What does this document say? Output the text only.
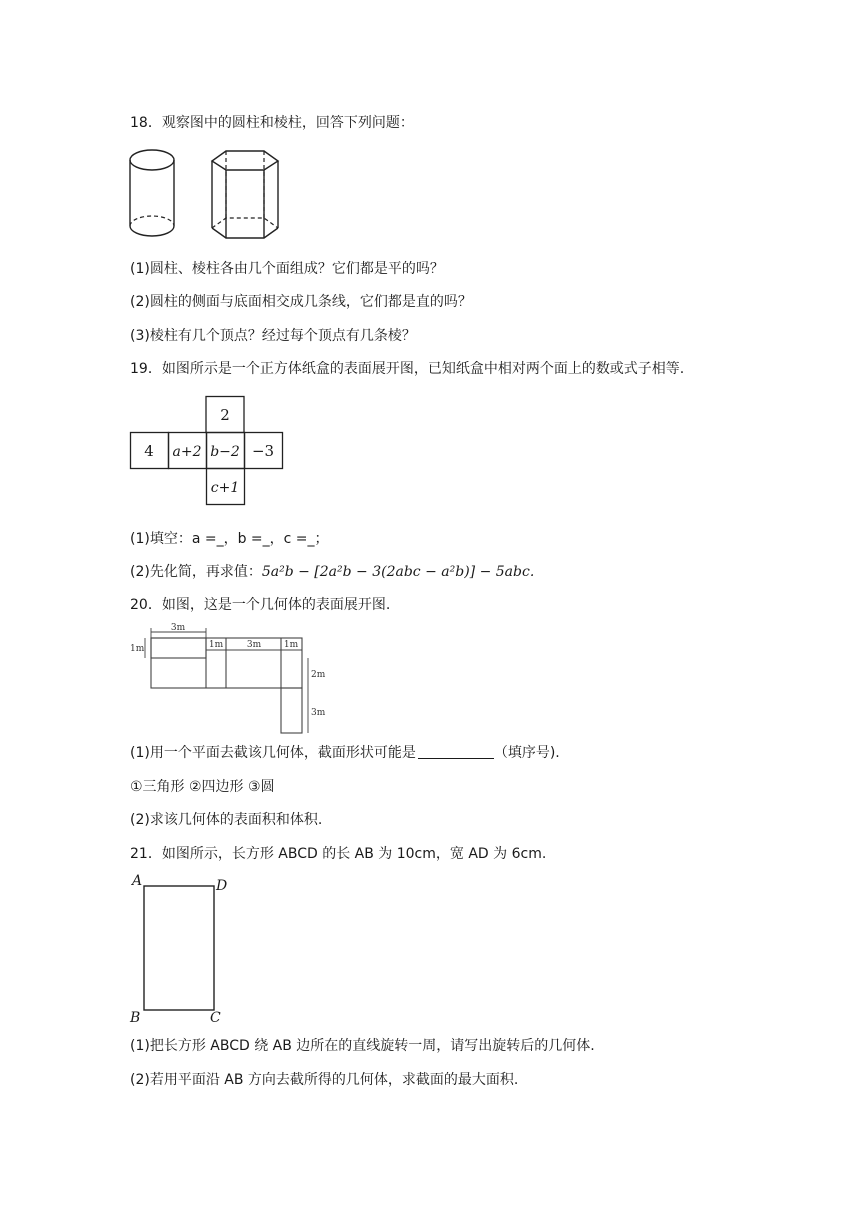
18．观察图中的圆柱和棱柱，回答下列问题：
(1)圆柱、棱柱各由几个面组成？它们都是平的吗？
(2)圆柱的侧面与底面相交成几条线，它们都是直的吗？
(3)棱柱有几个顶点？经过每个顶点有几条棱？
19．如图所示是一个正方体纸盒的表面展开图，已知纸盒中相对两个面上的数或式子相等.
2
4 a+2 b−2 −3
c+1
(1)填空：a =_，b =_，c =_；
(2)先化简，再求值：5a²b − [2a²b − 3(2abc − a²b)] − 5abc.
20．如图，这是一个几何体的表面展开图.
3m
1m	1m	3m	1m
2m
3m
(1)用一个平面去截该几何体，截面形状可能是	（填序号).
①三角形 ②四边形 ③圆
(2)求该几何体的表面积和体积.
21．如图所示，长方形 ABCD 的长 AB 为 10cm，宽 AD 为 6cm.
A	D
B	C
(1)把长方形 ABCD 绕 AB 边所在的直线旋转一周，请写出旋转后的几何体.
(2)若用平面沿 AB 方向去截所得的几何体，求截面的最大面积.
